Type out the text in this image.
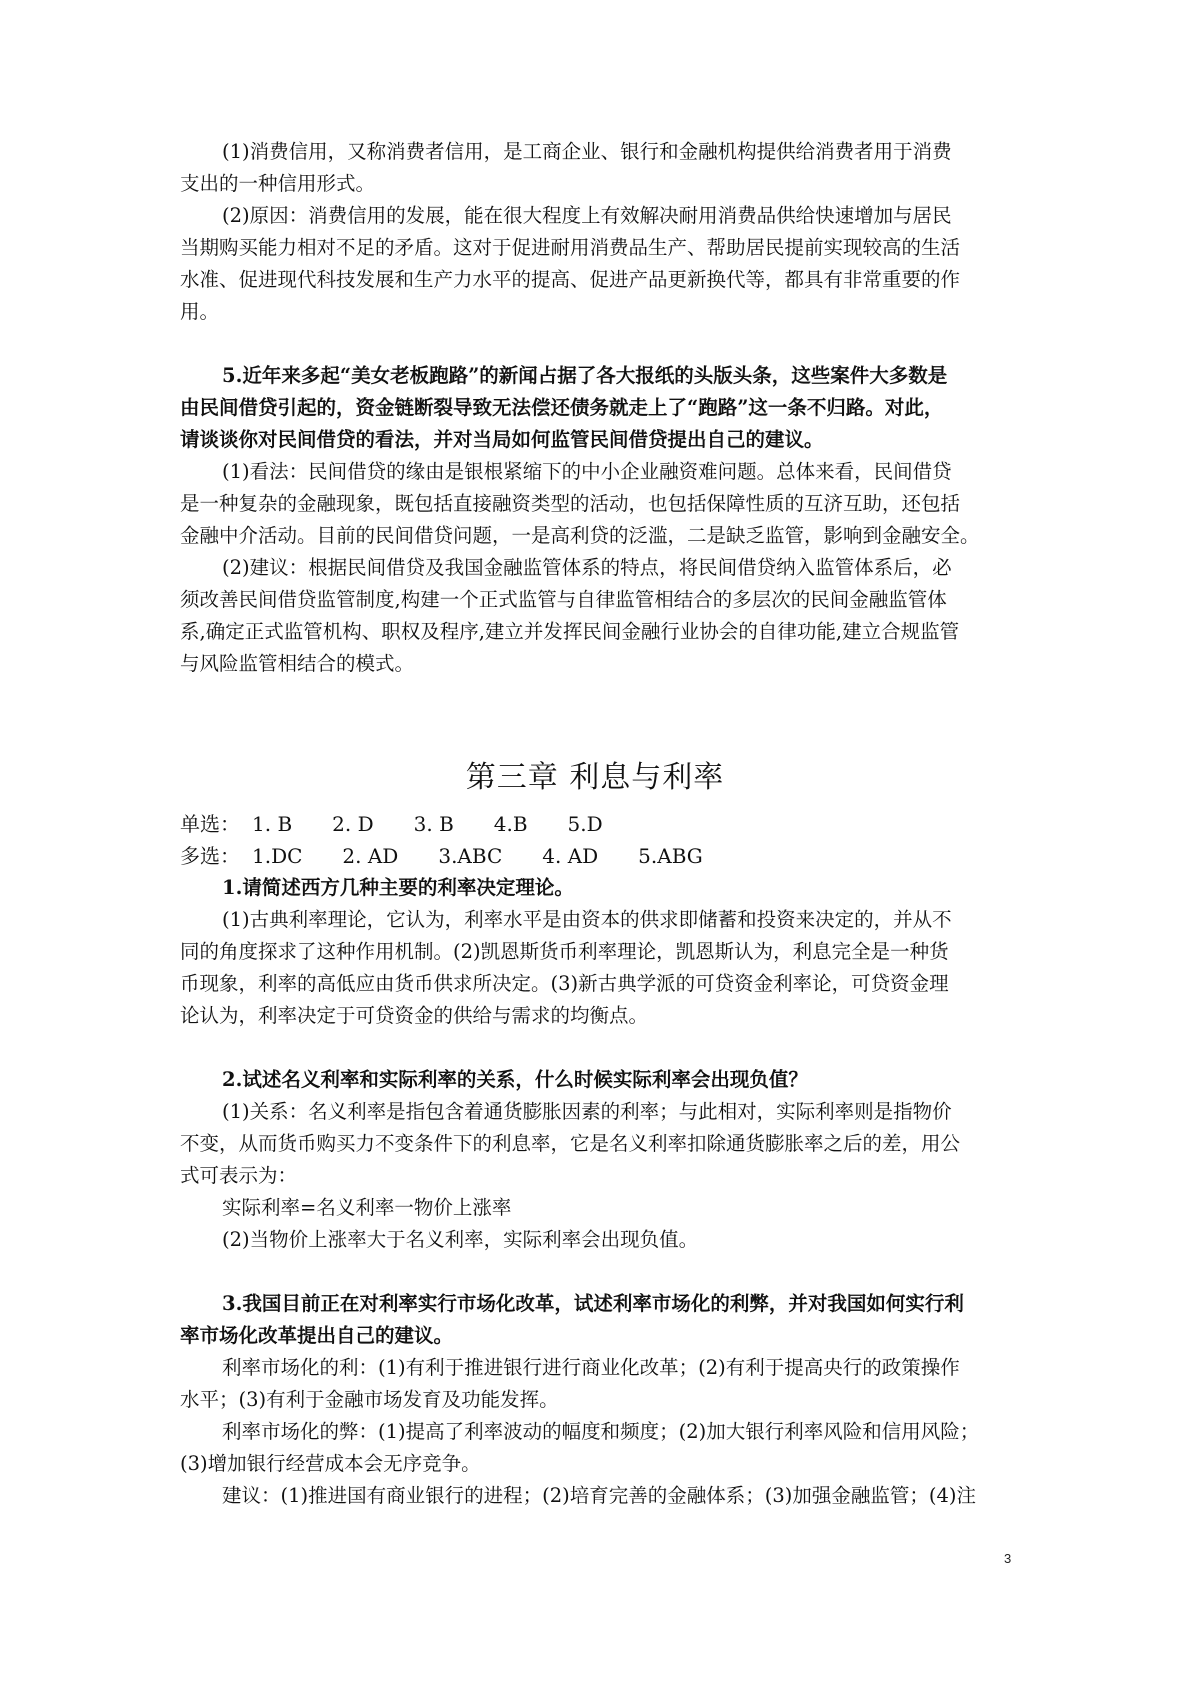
(1)消费信用，又称消费者信用，是工商企业、银行和金融机构提供给消费者用于消费
支出的一种信用形式。
(2)原因：消费信用的发展，能在很大程度上有效解决耐用消费品供给快速增加与居民
当期购买能力相对不足的矛盾。这对于促进耐用消费品生产、帮助居民提前实现较高的生活
水准、促进现代科技发展和生产力水平的提高、促进产品更新换代等，都具有非常重要的作
用。
5.近年来多起“美女老板跑路”的新闻占据了各大报纸的头版头条，这些案件大多数是
由民间借贷引起的，资金链断裂导致无法偿还债务就走上了“跑路”这一条不归路。对此，
请谈谈你对民间借贷的看法，并对当局如何监管民间借贷提出自己的建议。
(1)看法：民间借贷的缘由是银根紧缩下的中小企业融资难问题。总体来看，民间借贷
是一种复杂的金融现象，既包括直接融资类型的活动，也包括保障性质的互济互助，还包括
金融中介活动。目前的民间借贷问题，一是高利贷的泛滥，二是缺乏监管，影响到金融安全。
(2)建议：根据民间借贷及我国金融监管体系的特点，将民间借贷纳入监管体系后，必
须改善民间借贷监管制度,构建一个正式监管与自律监管相结合的多层次的民间金融监管体
系,确定正式监管机构、职权及程序,建立并发挥民间金融行业协会的自律功能,建立合规监管
与风险监管相结合的模式。
第三章 利息与利率
单选： 1. B 2. D 3. B 4.B 5.D
多选： 1.DC 2. AD 3.ABC 4. AD 5.ABG
1.请简述西方几种主要的利率决定理论。
(1)古典利率理论，它认为，利率水平是由资本的供求即储蓄和投资来决定的，并从不
同的角度探求了这种作用机制。(2)凯恩斯货币利率理论，凯恩斯认为，利息完全是一种货
币现象，利率的高低应由货币供求所决定。(3)新古典学派的可贷资金利率论，可贷资金理
论认为，利率决定于可贷资金的供给与需求的均衡点。
2.试述名义利率和实际利率的关系，什么时候实际利率会出现负值？
(1)关系：名义利率是指包含着通货膨胀因素的利率；与此相对，实际利率则是指物价
不变，从而货币购买力不变条件下的利息率，它是名义利率扣除通货膨胀率之后的差，用公
式可表示为：
实际利率=名义利率一物价上涨率
(2)当物价上涨率大于名义利率，实际利率会出现负值。
3.我国目前正在对利率实行市场化改革，试述利率市场化的利弊，并对我国如何实行利
率市场化改革提出自己的建议。
利率市场化的利：(1)有利于推进银行进行商业化改革；(2)有利于提高央行的政策操作
水平；(3)有利于金融市场发育及功能发挥。
利率市场化的弊：(1)提高了利率波动的幅度和频度；(2)加大银行利率风险和信用风险；
(3)增加银行经营成本会无序竞争。
建议：(1)推进国有商业银行的进程；(2)培育完善的金融体系；(3)加强金融监管；(4)注
3
